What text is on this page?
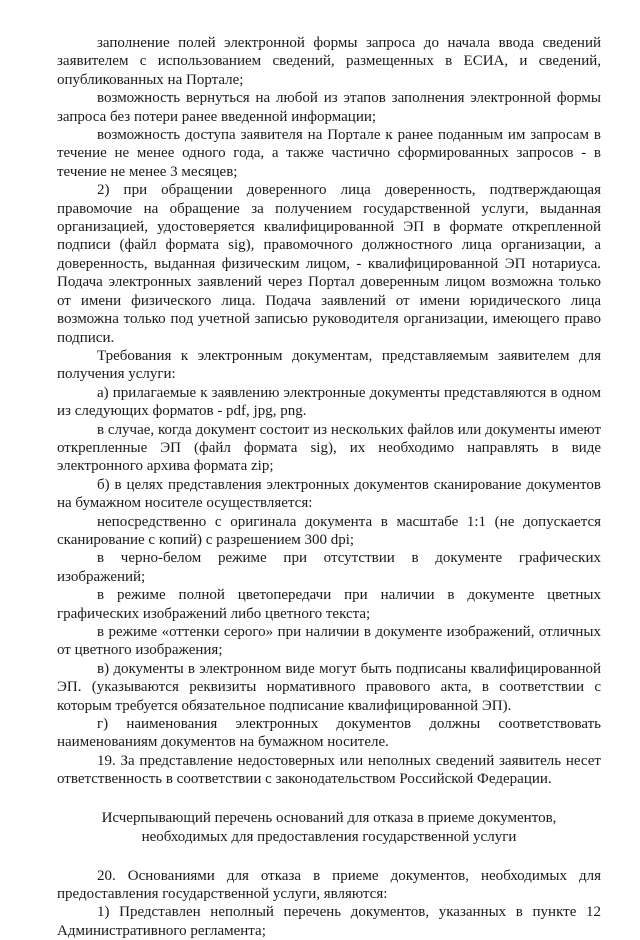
заполнение полей электронной формы запроса до начала ввода сведений заявителем с использованием сведений, размещенных в ЕСИА, и сведений, опубликованных на Портале;

возможность вернуться на любой из этапов заполнения электронной формы запроса без потери ранее введенной информации;

возможность доступа заявителя на Портале к ранее поданным им запросам в течение не менее одного года, а также частично сформированных запросов - в течение не менее 3 месяцев;

2) при обращении доверенного лица доверенность, подтверждающая правомочие на обращение за получением государственной услуги, выданная организацией, удостоверяется квалифицированной ЭП в формате открепленной подписи (файл формата sig), правомочного должностного лица организации, а доверенность, выданная физическим лицом, - квалифицированной ЭП нотариуса. Подача электронных заявлений через Портал доверенным лицом возможна только от имени физического лица. Подача заявлений от имени юридического лица возможна только под учетной записью руководителя организации, имеющего право подписи.

Требования к электронным документам, представляемым заявителем для получения услуги:

а) прилагаемые к заявлению электронные документы представляются в одном из следующих форматов - pdf, jpg, png.

в случае, когда документ состоит из нескольких файлов или документы имеют открепленные ЭП (файл формата sig), их необходимо направлять в виде электронного архива формата zip;

б) в целях представления электронных документов сканирование документов на бумажном носителе осуществляется:

непосредственно с оригинала документа в масштабе 1:1 (не допускается сканирование с копий) с разрешением 300 dpi;

в черно-белом режиме при отсутствии в документе графических изображений;

в режиме полной цветопередачи при наличии в документе цветных графических изображений либо цветного текста;

в режиме «оттенки серого» при наличии в документе изображений, отличных от цветного изображения;

в) документы в электронном виде могут быть подписаны квалифицированной ЭП. (указываются реквизиты нормативного правового акта, в соответствии с которым требуется обязательное подписание квалифицированной ЭП).

г) наименования электронных документов должны соответствовать наименованиям документов на бумажном носителе.

19. За представление недостоверных или неполных сведений заявитель несет ответственность в соответствии с законодательством Российской Федерации.

Исчерпывающий перечень оснований для отказа в приеме документов,
необходимых для предоставления государственной услуги

20. Основаниями для отказа в приеме документов, необходимых для предоставления государственной услуги, являются:

1) Представлен неполный перечень документов, указанных в пункте 12 Административного регламента;
